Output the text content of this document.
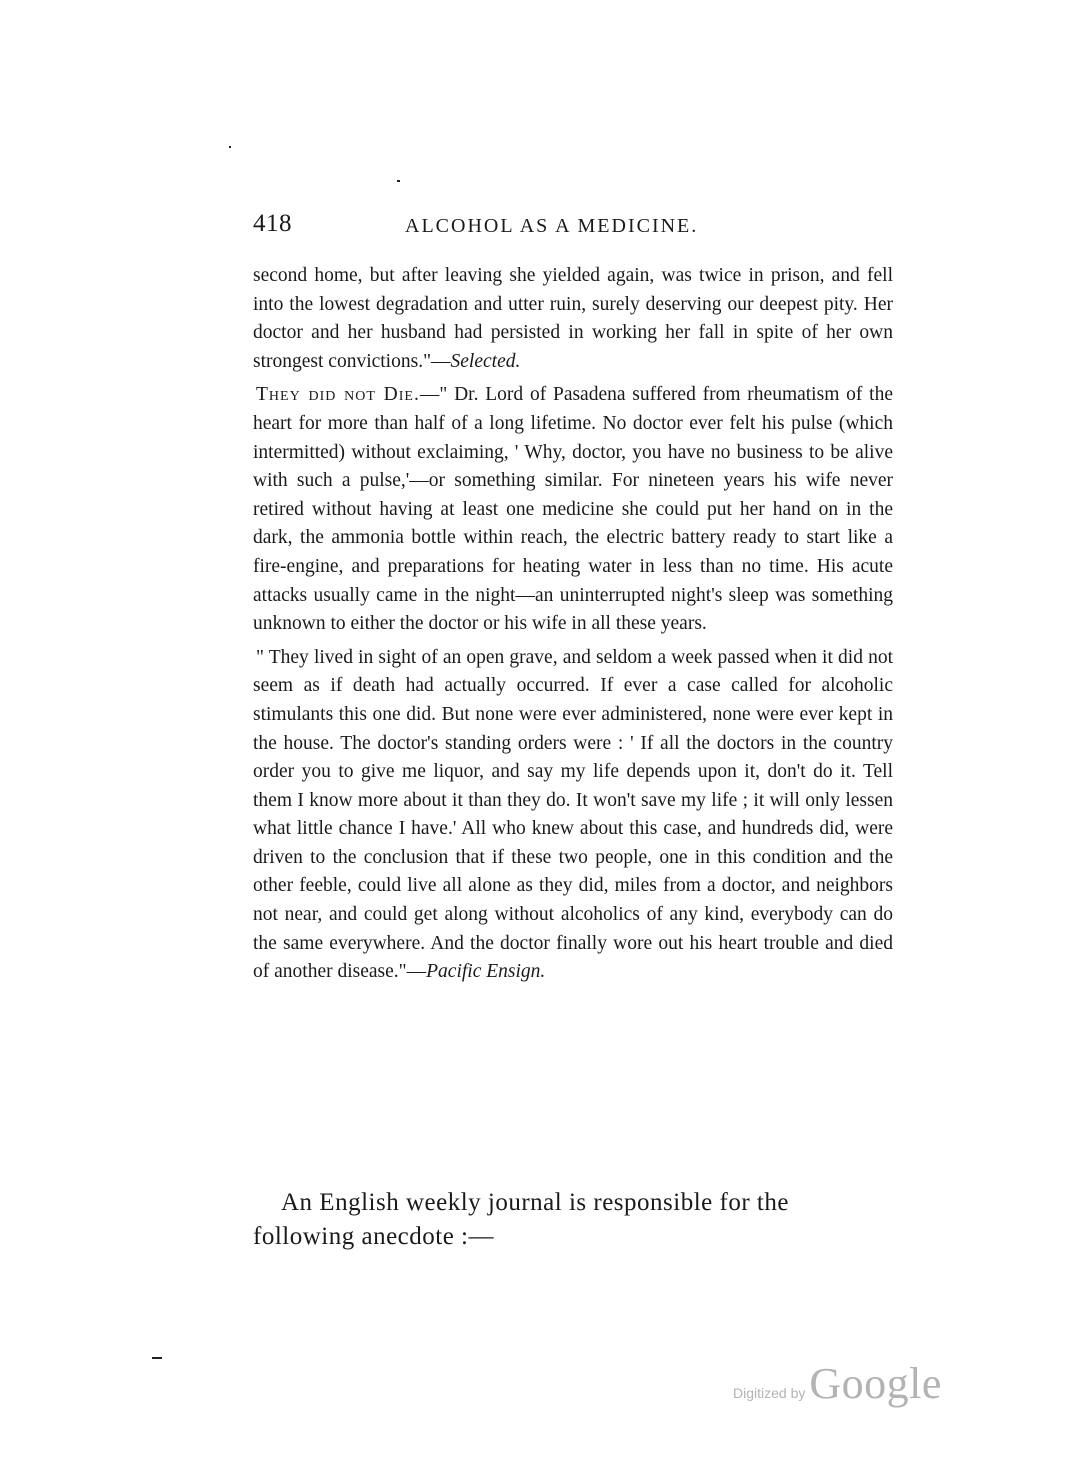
418	ALCOHOL AS A MEDICINE.

second home, but after leaving she yielded again, was twice in prison, and fell into the lowest degradation and utter ruin, surely deserving our deepest pity. Her doctor and her husband had persisted in working her fall in spite of her own strongest convictions."—Selected.

They did not Die.—" Dr. Lord of Pasadena suffered from rheumatism of the heart for more than half of a long lifetime. No doctor ever felt his pulse (which intermitted) without exclaiming, ' Why, doctor, you have no business to be alive with such a pulse,'—or something similar. For nineteen years his wife never retired without having at least one medicine she could put her hand on in the dark, the ammonia bottle within reach, the electric battery ready to start like a fire-engine, and preparations for heating water in less than no time. His acute attacks usually came in the night—an uninterrupted night's sleep was something unknown to either the doctor or his wife in all these years.

" They lived in sight of an open grave, and seldom a week passed when it did not seem as if death had actually occurred. If ever a case called for alcoholic stimulants this one did. But none were ever administered, none were ever kept in the house. The doctor's standing orders were : ' If all the doctors in the country order you to give me liquor, and say my life depends upon it, don't do it. Tell them I know more about it than they do. It won't save my life ; it will only lessen what little chance I have.' All who knew about this case, and hundreds did, were driven to the conclusion that if these two people, one in this condition and the other feeble, could live all alone as they did, miles from a doctor, and neighbors not near, and could get along without alcoholics of any kind, everybody can do the same everywhere. And the doctor finally wore out his heart trouble and died of another disease."—Pacific Ensign.

An English weekly journal is responsible for the
following anecdote :—
Digitized by Google
